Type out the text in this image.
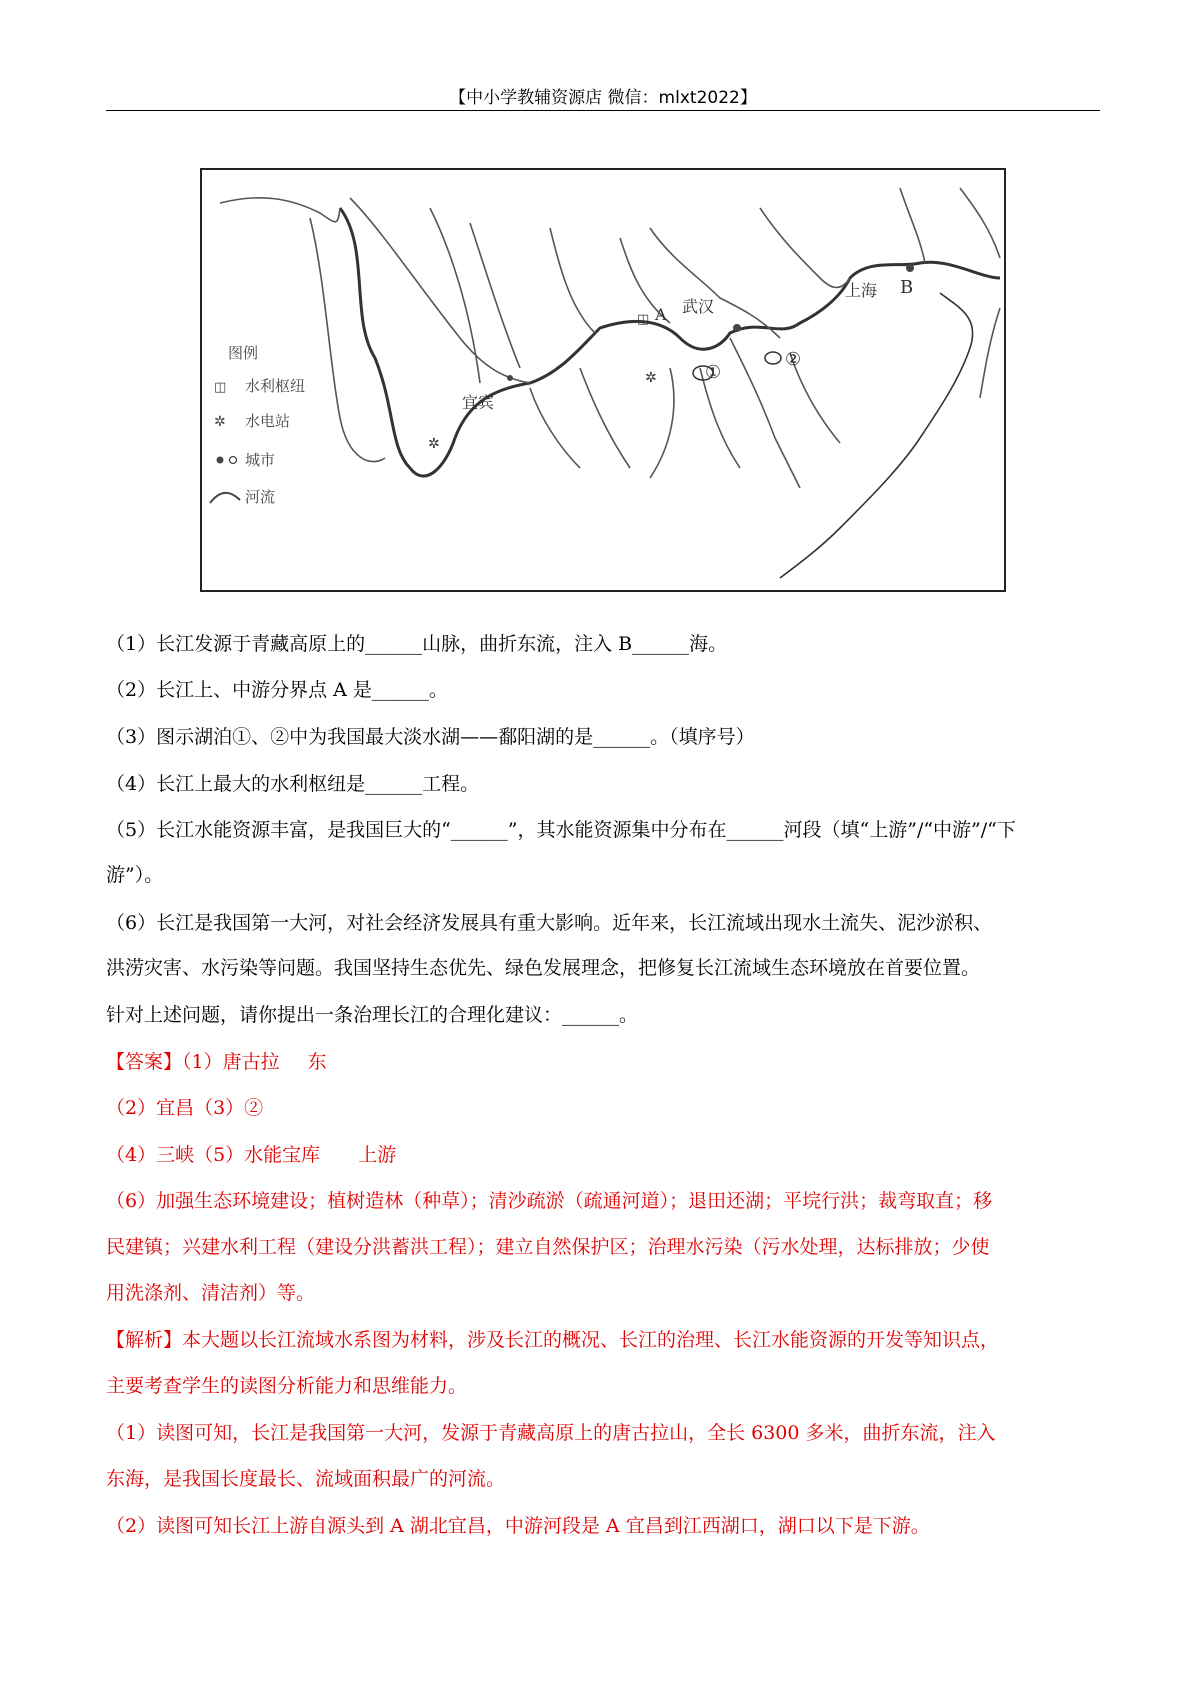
【中小学教辅资源店 微信：mlxt2022】
✲
✲
◫ A
B
武汉
上海
宜宾
①
②
图例
◫ 水利枢纽
✲ 水电站
城市
河流
（1）长江发源于青藏高原上的______山脉，曲折东流，注入 B______海。
（2）长江上、中游分界点 A 是______。
（3）图示湖泊①、②中为我国最大淡水湖——鄱阳湖的是______。（填序号）
（4）长江上最大的水利枢纽是______工程。
（5）长江水能资源丰富，是我国巨大的“______”，其水能资源集中分布在______河段（填“上游”/“中游”/“下
游”）。
（6）长江是我国第一大河，对社会经济发展具有重大影响。近年来，长江流域出现水土流失、泥沙淤积、
洪涝灾害、水污染等问题。我国坚持生态优先、绿色发展理念，把修复长江流域生态环境放在首要位置。
针对上述问题，请你提出一条治理长江的合理化建议：______。
【答案】（1）唐古拉 东
（2）宜昌（3）②
（4）三峡（5）水能宝库 上游
（6）加强生态环境建设；植树造林（种草）；清沙疏淤（疏通河道）；退田还湖；平垸行洪；裁弯取直；移
民建镇；兴建水利工程（建设分洪蓄洪工程）；建立自然保护区；治理水污染（污水处理，达标排放；少使
用洗涤剂、清洁剂）等。
【解析】本大题以长江流域水系图为材料，涉及长江的概况、长江的治理、长江水能资源的开发等知识点，
主要考查学生的读图分析能力和思维能力。
（1）读图可知，长江是我国第一大河，发源于青藏高原上的唐古拉山，全长 6300 多米，曲折东流，注入
东海，是我国长度最长、流域面积最广的河流。
（2）读图可知长江上游自源头到 A 湖北宜昌，中游河段是 A 宜昌到江西湖口，湖口以下是下游。
